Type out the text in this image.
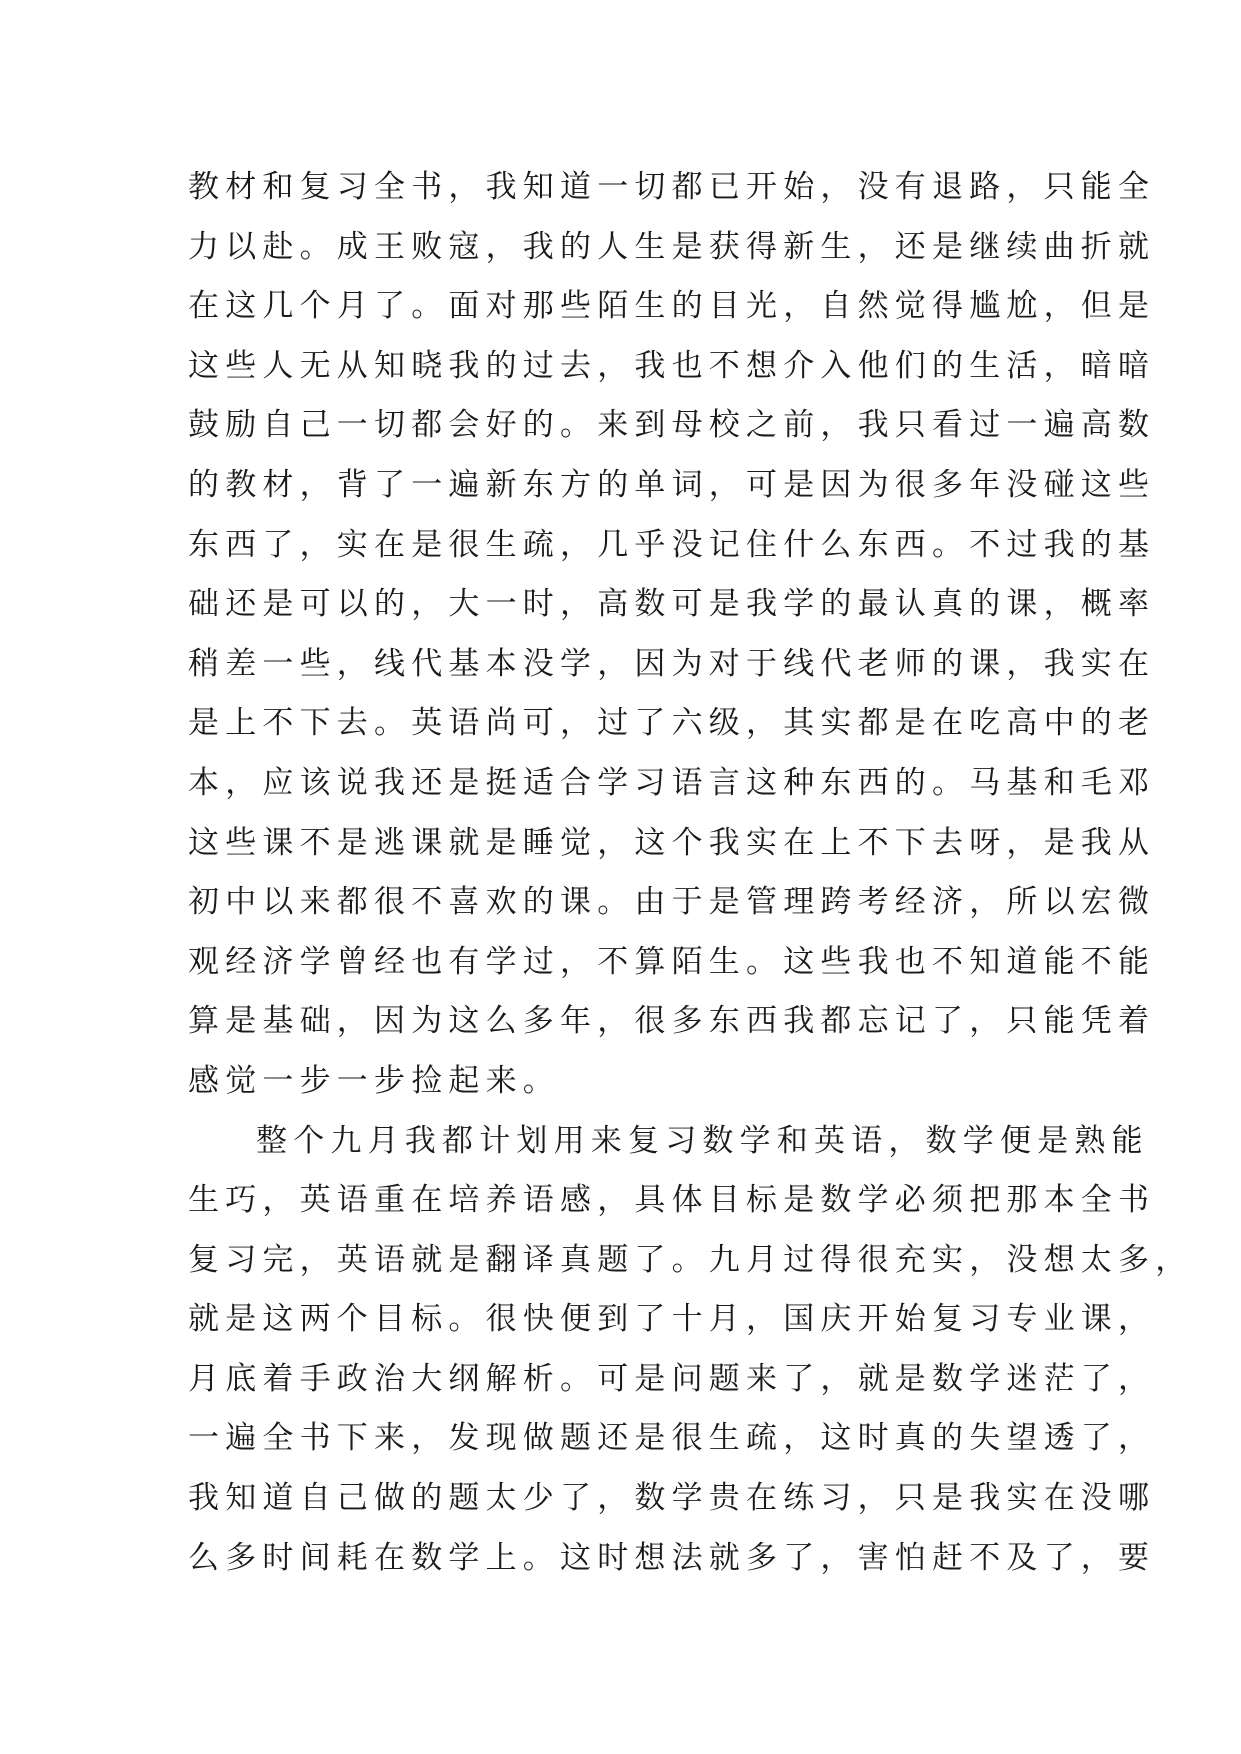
教材和复习全书，我知道一切都已开始，没有退路，只能全
力以赴。成王败寇，我的人生是获得新生，还是继续曲折就
在这几个月了。面对那些陌生的目光，自然觉得尴尬，但是
这些人无从知晓我的过去，我也不想介入他们的生活，暗暗
鼓励自己一切都会好的。来到母校之前，我只看过一遍高数
的教材，背了一遍新东方的单词，可是因为很多年没碰这些
东西了，实在是很生疏，几乎没记住什么东西。不过我的基
础还是可以的，大一时，高数可是我学的最认真的课，概率
稍差一些，线代基本没学，因为对于线代老师的课，我实在
是上不下去。英语尚可，过了六级，其实都是在吃高中的老
本，应该说我还是挺适合学习语言这种东西的。马基和毛邓
这些课不是逃课就是睡觉，这个我实在上不下去呀，是我从
初中以来都很不喜欢的课。由于是管理跨考经济，所以宏微
观经济学曾经也有学过，不算陌生。这些我也不知道能不能
算是基础，因为这么多年，很多东西我都忘记了，只能凭着
感觉一步一步捡起来。
整个九月我都计划用来复习数学和英语，数学便是熟能
生巧，英语重在培养语感，具体目标是数学必须把那本全书
复习完，英语就是翻译真题了。九月过得很充实，没想太多，
就是这两个目标。很快便到了十月，国庆开始复习专业课，
月底着手政治大纲解析。可是问题来了，就是数学迷茫了，
一遍全书下来，发现做题还是很生疏，这时真的失望透了，
我知道自己做的题太少了，数学贵在练习，只是我实在没哪
么多时间耗在数学上。这时想法就多了，害怕赶不及了，要
